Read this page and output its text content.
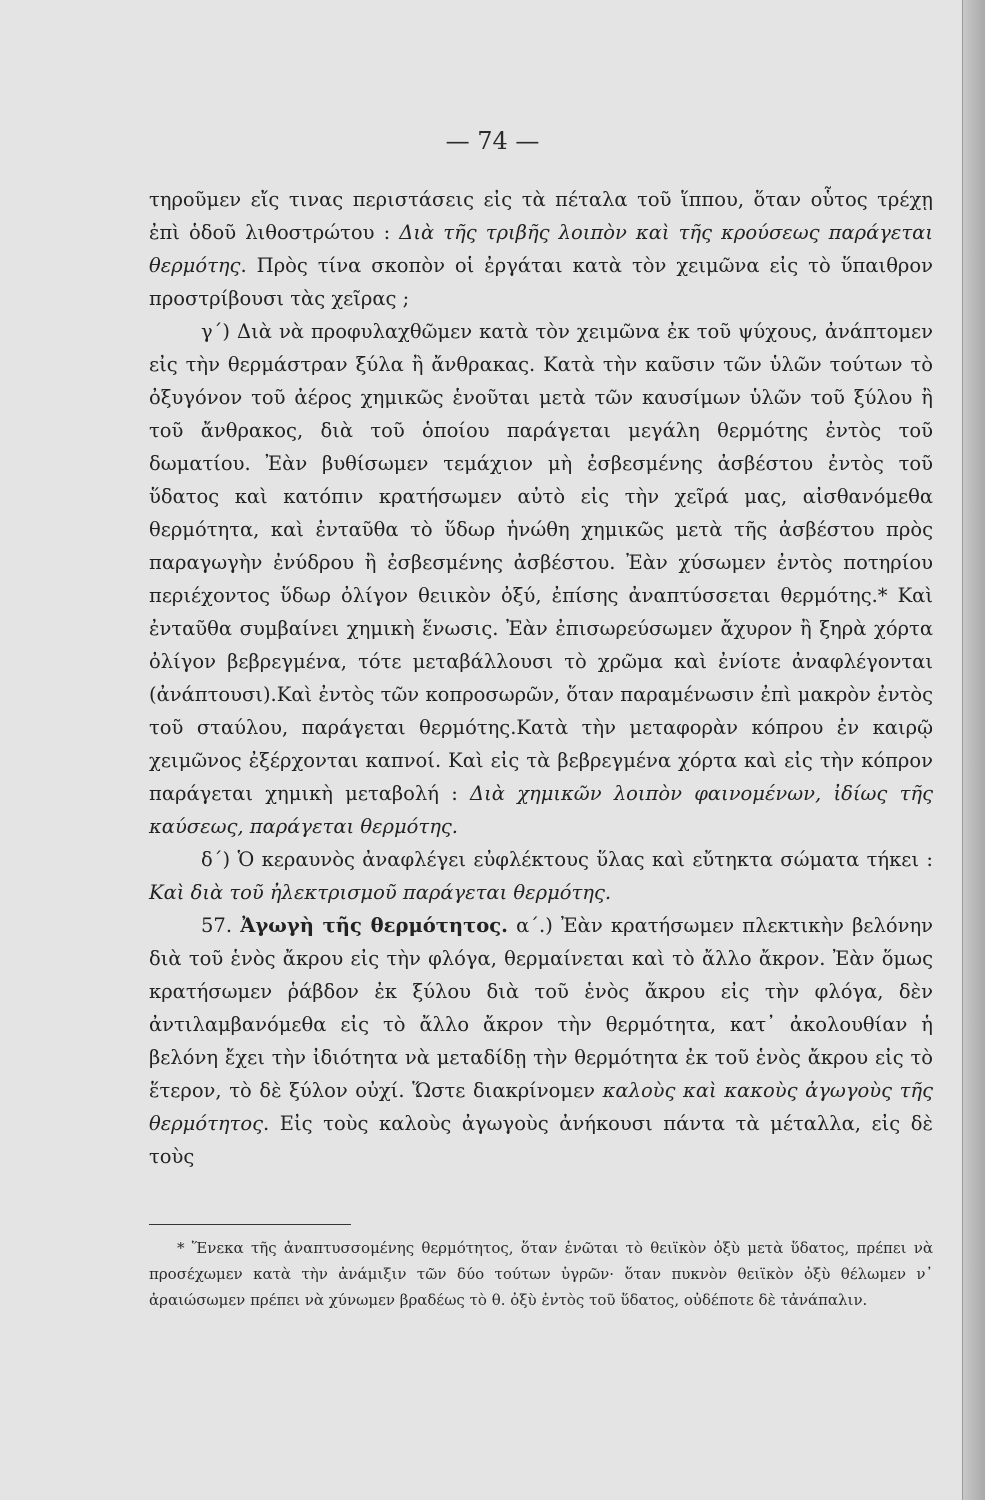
— 74 —

τηροῦμεν εἴς τινας περιστάσεις εἰς τὰ πέταλα τοῦ ἵππου, ὅταν οὗτος τρέχῃ ἐπὶ ὁδοῦ λιθοστρώτου : Διὰ τῆς τριβῆς λοιπὸν καὶ τῆς κρούσεως παράγεται θερμότης. Πρὸς τίνα σκοπὸν οἱ ἐργάται κατὰ τὸν χειμῶνα εἰς τὸ ὕπαιθρον προστρίβουσι τὰς χεῖρας ;

γ΄) Διὰ νὰ προφυλαχθῶμεν κατὰ τὸν χειμῶνα ἐκ τοῦ ψύχους, ἀνάπτομεν εἰς τὴν θερμάστραν ξύλα ἢ ἄνθρακας. Κατὰ τὴν καῦσιν τῶν ὑλῶν τούτων τὸ ὀξυγόνον τοῦ ἀέρος χημικῶς ἑνοῦται μετὰ τῶν καυσίμων ὑλῶν τοῦ ξύλου ἢ τοῦ ἄνθρακος, διὰ τοῦ ὁποίου παράγεται μεγάλη θερμότης ἐντὸς τοῦ δωματίου. Ἐὰν βυθίσωμεν τεμάχιον μὴ ἐσβεσμένης ἀσβέστου ἐντὸς τοῦ ὕδατος καὶ κατόπιν κρατήσωμεν αὐτὸ εἰς τὴν χεῖρά μας, αἰσθανόμεθα θερμότητα, καὶ ἐνταῦθα τὸ ὕδωρ ἡνώθη χημικῶς μετὰ τῆς ἀσβέστου πρὸς παραγωγὴν ἐνύδρου ἢ ἐσβεσμένης ἀσβέστου. Ἐὰν χύσωμεν ἐντὸς ποτηρίου περιέχοντος ὕδωρ ὀλίγον θειικὸν ὀξύ, ἐπίσης ἀναπτύσσεται θερμότης.* Καὶ ἐνταῦθα συμβαίνει χημικὴ ἕνωσις. Ἐὰν ἐπισωρεύσωμεν ἄχυρον ἢ ξηρὰ χόρτα ὀλίγον βεβρεγμένα, τότε μεταβάλλουσι τὸ χρῶμα καὶ ἐνίοτε ἀναφλέγονται (ἀνάπτουσι).Καὶ ἐντὸς τῶν κοπροσωρῶν, ὅταν παραμένωσιν ἐπὶ μακρὸν ἐντὸς τοῦ σταύλου, παράγεται θερμότης.Κατὰ τὴν μεταφορὰν κόπρου ἐν καιρῷ χειμῶνος ἐξέρχονται καπνοί. Καὶ εἰς τὰ βεβρεγμένα χόρτα καὶ εἰς τὴν κόπρον παράγεται χημικὴ μεταβολή : Διὰ χημικῶν λοιπὸν φαινομένων, ἰδίως τῆς καύσεως, παράγεται θερμότης.

δ΄) Ὁ κεραυνὸς ἀναφλέγει εὐφλέκτους ὕλας καὶ εὔτηκτα σώματα τήκει : Καὶ διὰ τοῦ ἠλεκτρισμοῦ παράγεται θερμότης.

57. Ἀγωγὴ τῆς θερμότητος. α΄.) Ἐὰν κρατήσωμεν πλεκτικὴν βελόνην διὰ τοῦ ἑνὸς ἄκρου εἰς τὴν φλόγα, θερμαίνεται καὶ τὸ ἄλλο ἄκρον. Ἐὰν ὅμως κρατήσωμεν ῥάβδον ἐκ ξύλου διὰ τοῦ ἑνὸς ἄκρου εἰς τὴν φλόγα, δὲν ἀντιλαμβανόμεθα εἰς τὸ ἄλλο ἄκρον τὴν θερμότητα, κατ᾽ ἀκολουθίαν ἡ βελόνη ἔχει τὴν ἰδιότητα νὰ μεταδίδῃ τὴν θερμότητα ἐκ τοῦ ἑνὸς ἄκρου εἰς τὸ ἕτερον, τὸ δὲ ξύλον οὐχί. Ὥστε διακρίνομεν καλοὺς καὶ κακοὺς ἀγωγοὺς τῆς θερμότητος. Εἰς τοὺς καλοὺς ἀγωγοὺς ἀνήκουσι πάντα τὰ μέταλλα, εἰς δὲ τοὺς

* Ἕνεκα τῆς ἀναπτυσσομένης θερμότητος, ὅταν ἑνῶται τὸ θειϊκὸν ὀξὺ μετὰ ὕδατος, πρέπει νὰ προσέχωμεν κατὰ τὴν ἀνάμιξιν τῶν δύο τούτων ὑγρῶν· ὅταν πυκνὸν θειϊκὸν ὀξὺ θέλωμεν ν᾽ ἀραιώσωμεν πρέπει νὰ χύνωμεν βραδέως τὸ θ. ὀξὺ ἐντὸς τοῦ ὕδατος, οὐδέποτε δὲ τἀνάπαλιν.
